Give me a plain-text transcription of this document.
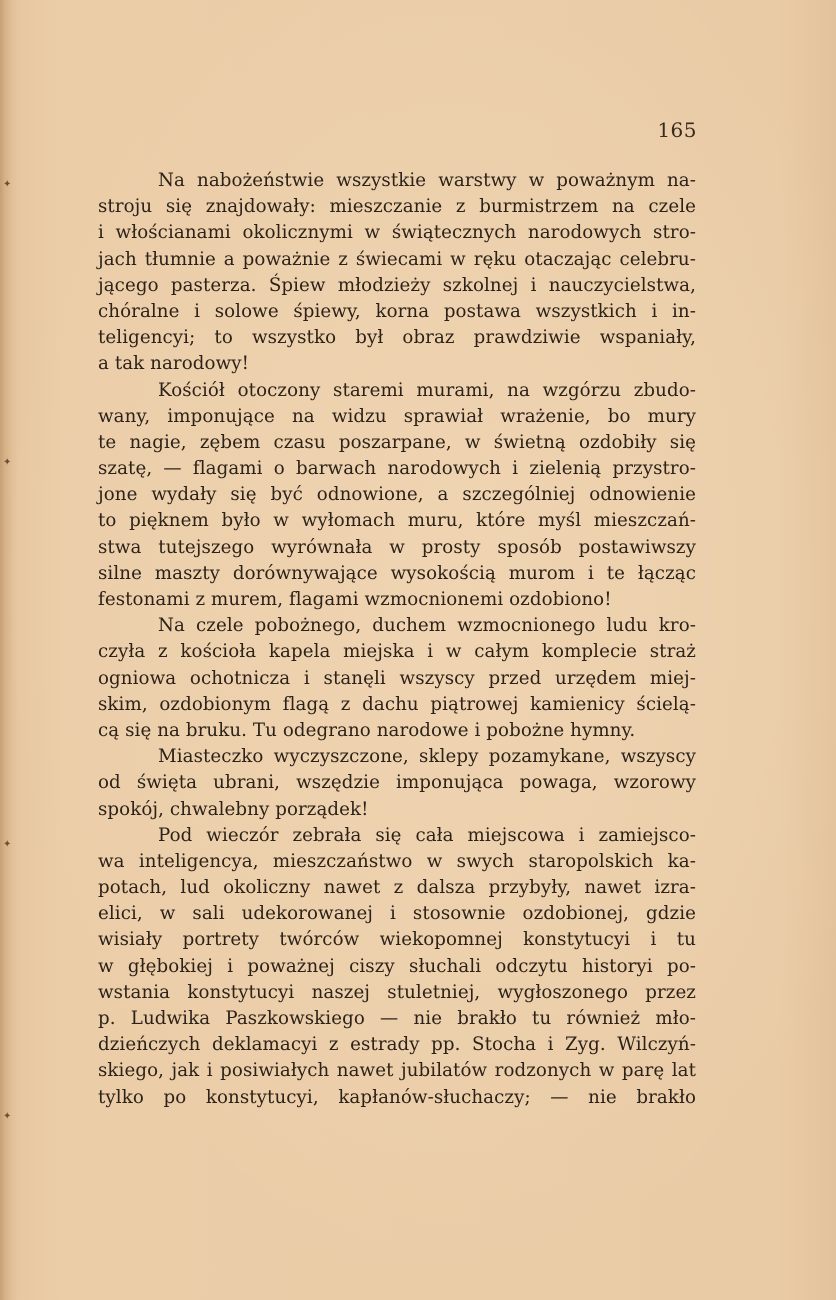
✦
✦
✦
✦
165
Na nabożeństwie wszystkie warstwy w poważnym na-
stroju się znajdowały: mieszczanie z burmistrzem na czele
i włościanami okolicznymi w świątecznych narodowych stro-
jach tłumnie a poważnie z świecami w ręku otaczając celebru-
jącego pasterza. Śpiew młodzieży szkolnej i nauczycielstwa,
chóralne i solowe śpiewy, korna postawa wszystkich i in-
teligencyi; to wszystko był obraz prawdziwie wspaniały,
a tak narodowy!
Kościół otoczony staremi murami, na wzgórzu zbudo-
wany, imponujące na widzu sprawiał wrażenie, bo mury
te nagie, zębem czasu poszarpane, w świetną ozdobiły się
szatę, — flagami o barwach narodowych i zielenią przystro-
jone wydały się być odnowione, a szczególniej odnowienie
to pięknem było w wyłomach muru, które myśl mieszczań-
stwa tutejszego wyrównała w prosty sposób postawiwszy
silne maszty dorównywające wysokością murom i te łącząc
festonami z murem, flagami wzmocnionemi ozdobiono!
Na czele pobożnego, duchem wzmocnionego ludu kro-
czyła z kościoła kapela miejska i w całym komplecie straż
ogniowa ochotnicza i stanęli wszyscy przed urzędem miej-
skim, ozdobionym flagą z dachu piątrowej kamienicy ścielą-
cą się na bruku. Tu odegrano narodowe i pobożne hymny.
Miasteczko wyczyszczone, sklepy pozamykane, wszyscy
od święta ubrani, wszędzie imponująca powaga, wzorowy
spokój, chwalebny porządek!
Pod wieczór zebrała się cała miejscowa i zamiejsco-
wa inteligencya, mieszczaństwo w swych staropolskich ka-
potach, lud okoliczny nawet z dalsza przybyły, nawet izra-
elici, w sali udekorowanej i stosownie ozdobionej, gdzie
wisiały portrety twórców wiekopomnej konstytucyi i tu
w głębokiej i poważnej ciszy słuchali odczytu historyi po-
wstania konstytucyi naszej stuletniej, wygłoszonego przez
p. Ludwika Paszkowskiego — nie brakło tu również mło-
dzieńczych deklamacyi z estrady pp. Stocha i Zyg. Wilczyń-
skiego, jak i posiwiałych nawet jubilatów rodzonych w parę lat
tylko po konstytucyi, kapłanów-słuchaczy; — nie brakło
